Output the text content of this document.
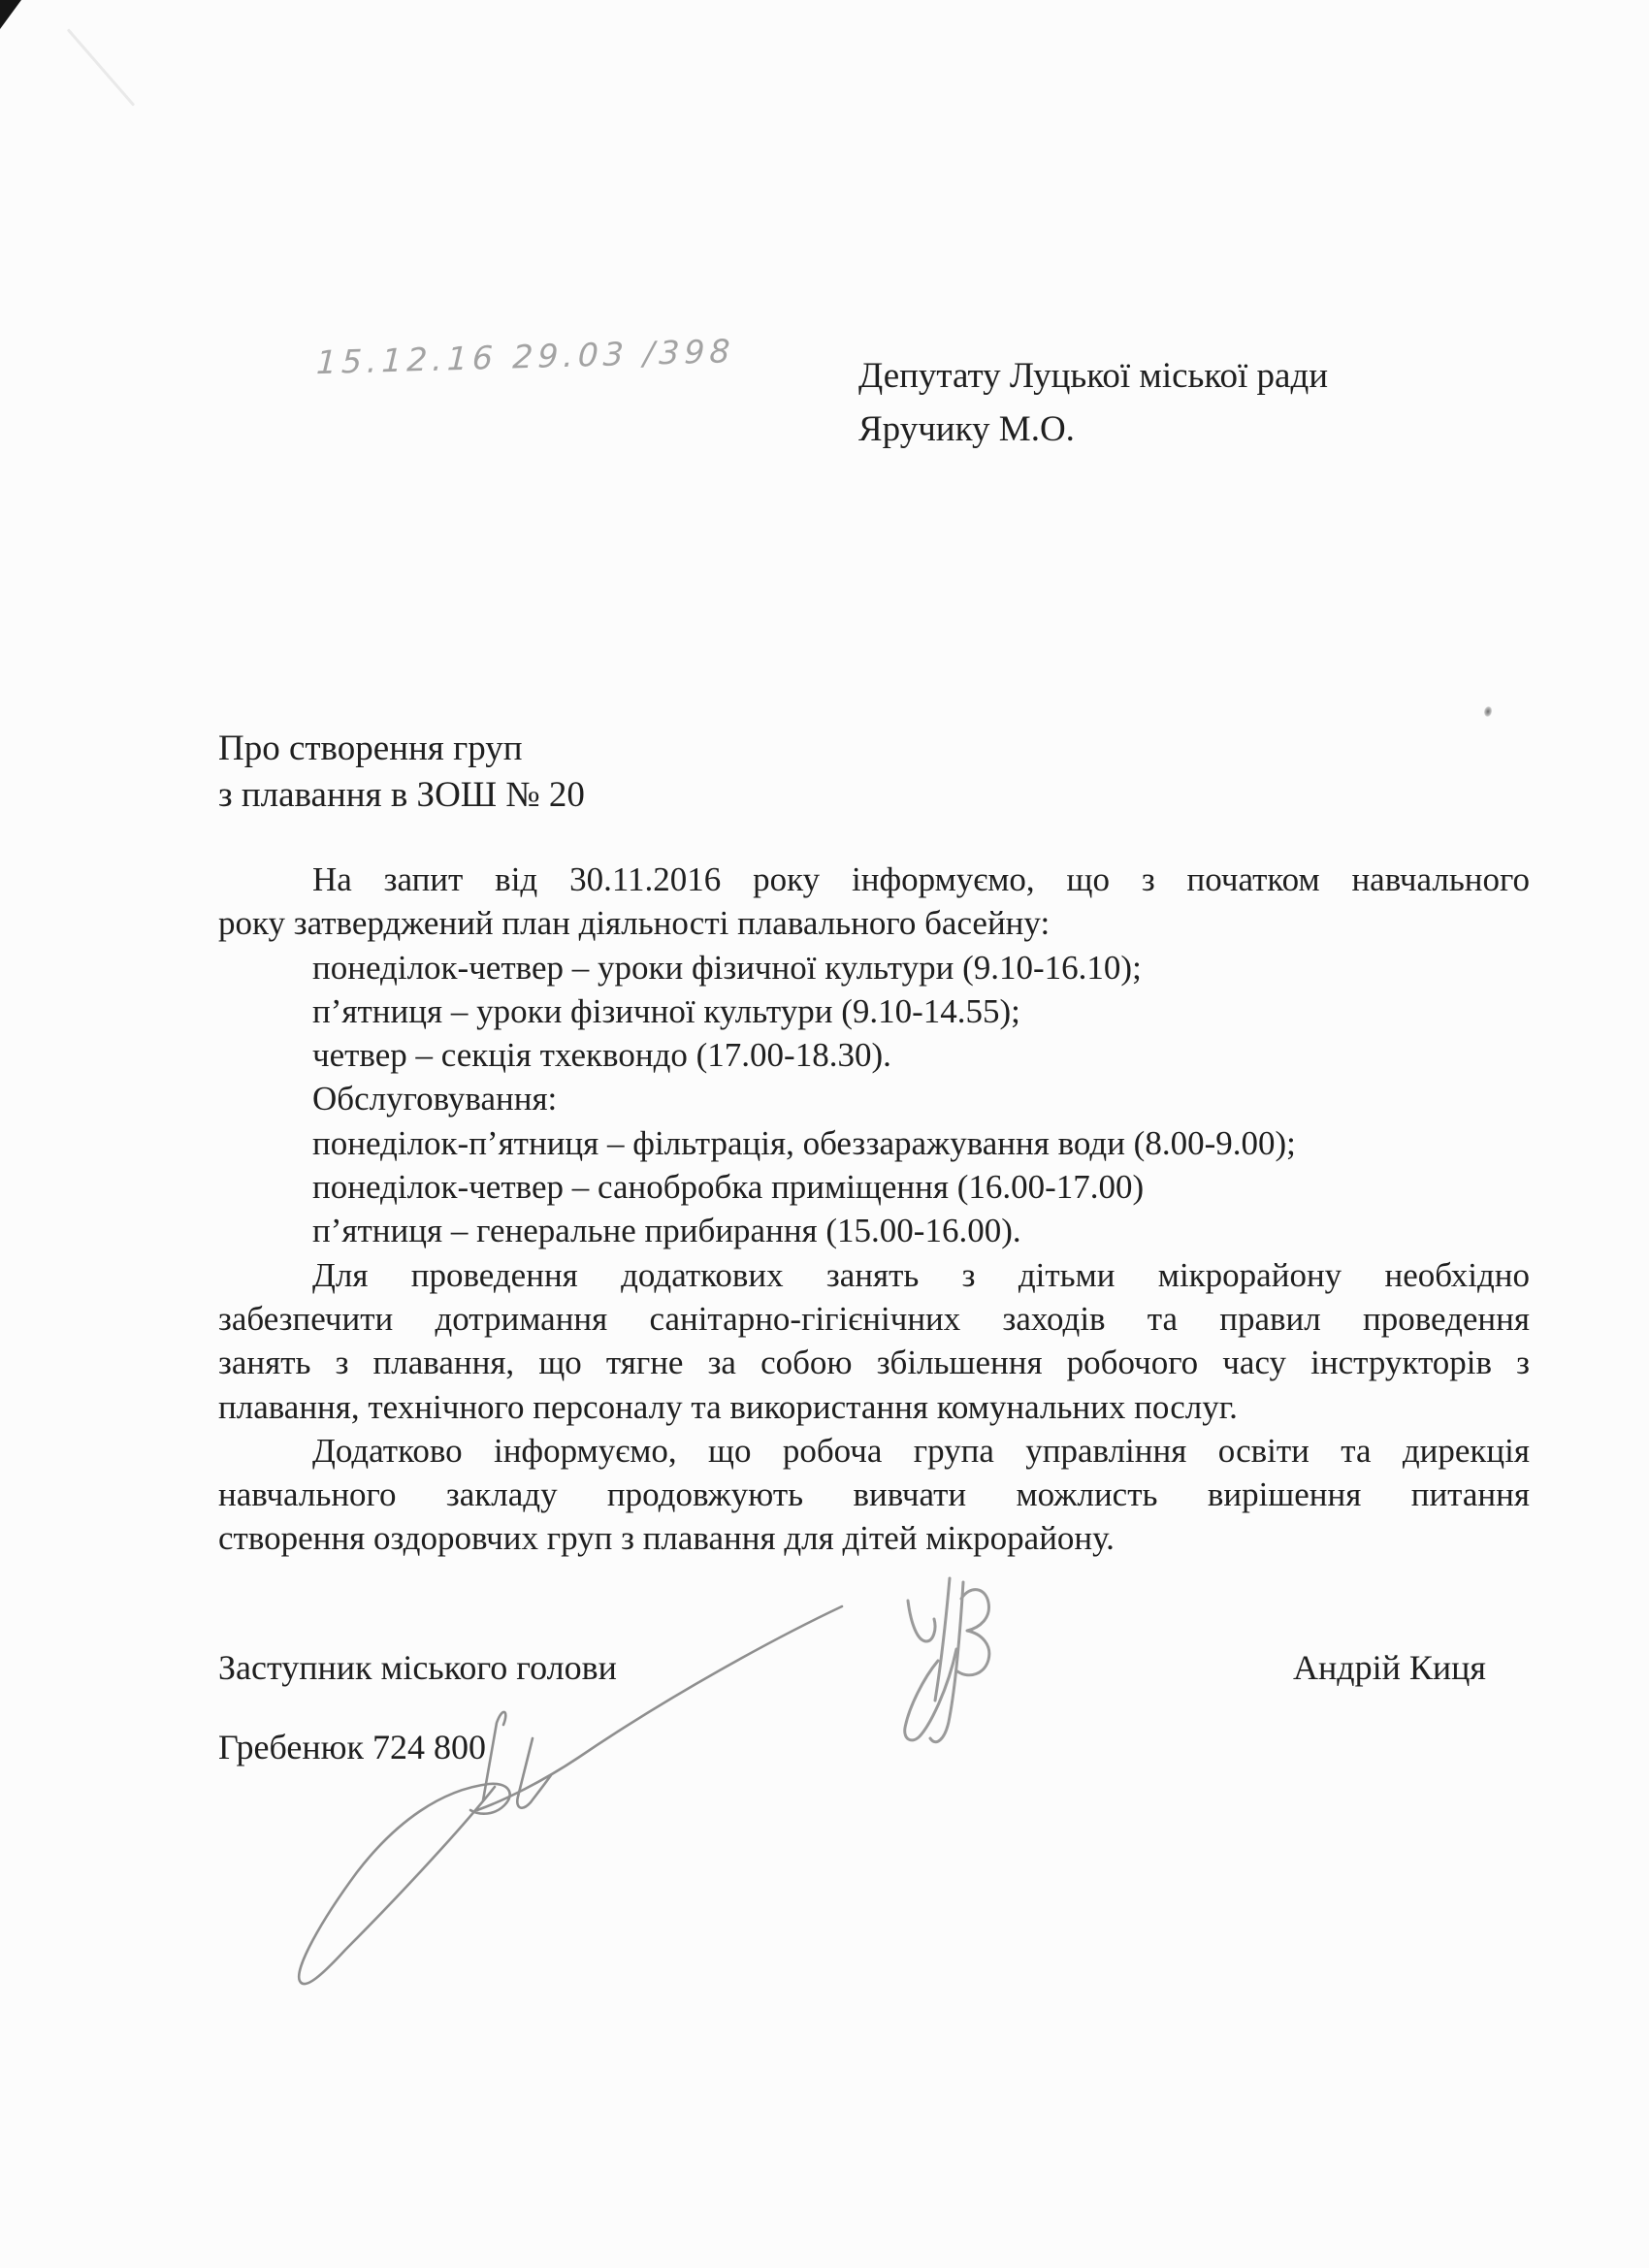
15.12.16 29.03 /398	Депутату Луцької міської ради
Яручику М.О.
Про створення груп
з плавання в ЗОШ № 20
На запит від 30.11.2016 року інформуємо, що з початком навчального
року затверджений план діяльності плавального басейну:
понеділок-четвер – уроки фізичної культури (9.10-16.10);
п’ятниця – уроки фізичної культури (9.10-14.55);
четвер – секція тхеквондо (17.00-18.30).
Обслуговування:
понеділок-п’ятниця – фільтрація, обеззаражування води (8.00-9.00);
понеділок-четвер – санобробка приміщення (16.00-17.00)
п’ятниця – генеральне прибирання (15.00-16.00).
Для проведення додаткових занять з дітьми мікрорайону необхідно
забезпечити дотримання санітарно-гігієнічних заходів та правил проведення
занять з плавання, що тягне за собою збільшення робочого часу інструкторів з
плавання, технічного персоналу та використання комунальних послуг.
Додатково інформуємо, що робоча група управління освіти та дирекція
навчального закладу продовжують вивчати можлисть вирішення питання
створення оздоровчих груп з плавання для дітей мікрорайону.
Заступник міського голови	Андрій Киця
Гребенюк 724 800
